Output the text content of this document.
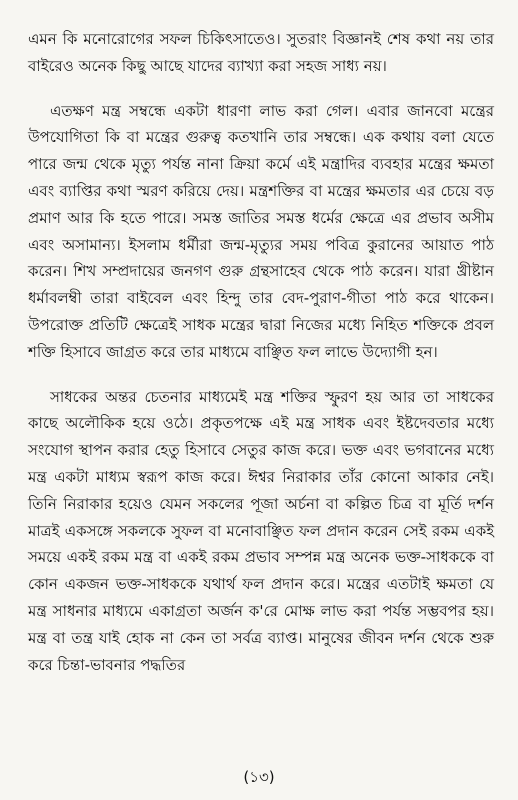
এমন কি মনোরোগের সফল চিকিৎসাতেও। সুতরাং বিজ্ঞানই শেষ কথা নয় তার বাইরেও অনেক কিছু আছে যাদের ব্যাখ্যা করা সহজ সাধ্য নয়।

এতক্ষণ মন্ত্র সম্বন্ধে একটা ধারণা লাভ করা গেল। এবার জানবো মন্ত্রের উপযোগিতা কি বা মন্ত্রের গুরুত্ব কতখানি তার সম্বন্ধে। এক কথায় বলা যেতে পারে জন্ম থেকে মৃত্যু পর্যন্ত নানা ক্রিয়া কর্মে এই মন্ত্রাদির ব্যবহার মন্ত্রের ক্ষমতা এবং ব্যাপ্তির কথা স্মরণ করিয়ে দেয়। মন্ত্রশক্তির বা মন্ত্রের ক্ষমতার এর চেয়ে বড় প্রমাণ আর কি হতে পারে। সমস্ত জাতির সমস্ত ধর্মের ক্ষেত্রে এর প্রভাব অসীম এবং অসামান্য। ইসলাম ধর্মীরা জন্ম-মৃত্যুর সময় পবিত্র কুরানের আয়াত পাঠ করেন। শিখ সম্প্রদায়ের জনগণ গুরু গ্রন্থসাহেব থেকে পাঠ করেন। যারা খ্রীষ্টান ধর্মাবলম্বী তারা বাইবেল এবং হিন্দু তার বেদ-পুরাণ-গীতা পাঠ করে থাকেন। উপরোক্ত প্রতিটি ক্ষেত্রেই সাধক মন্ত্রের দ্বারা নিজের মধ্যে নিহিত শক্তিকে প্রবল শক্তি হিসাবে জাগ্রত করে তার মাধ্যমে বাঞ্ছিত ফল লাভে উদ্যোগী হন।

সাধকের অন্তর চেতনার মাধ্যমেই মন্ত্র শক্তির স্ফুরণ হয় আর তা সাধকের কাছে অলৌকিক হয়ে ওঠে। প্রকৃতপক্ষে এই মন্ত্র সাধক এবং ইষ্টদেবতার মধ্যে সংযোগ স্থাপন করার হেতু হিসাবে সেতুর কাজ করে। ভক্ত এবং ভগবানের মধ্যে মন্ত্র একটা মাধ্যম স্বরূপ কাজ করে। ঈশ্বর নিরাকার তাঁর কোনো আকার নেই। তিনি নিরাকার হয়েও যেমন সকলের পূজা অর্চনা বা কল্পিত চিত্র বা মূর্তি দর্শন মাত্রই একসঙ্গে সকলকে সুফল বা মনোবাঞ্ছিত ফল প্রদান করেন সেই রকম একই সময়ে একই রকম মন্ত্র বা একই রকম প্রভাব সম্পন্ন মন্ত্র অনেক ভক্ত-সাধককে বা কোন একজন ভক্ত-সাধককে যথার্থ ফল প্রদান করে। মন্ত্রের এতটাই ক্ষমতা যে মন্ত্র সাধনার মাধ্যমে একাগ্রতা অর্জন ক'রে মোক্ষ লাভ করা পর্যন্ত সম্ভবপর হয়। মন্ত্র বা তন্ত্র যাই হোক না কেন তা সর্বত্র ব্যাপ্ত। মানুষের জীবন দর্শন থেকে শুরু করে চিন্তা-ভাবনার পদ্ধতির

(১৩)
